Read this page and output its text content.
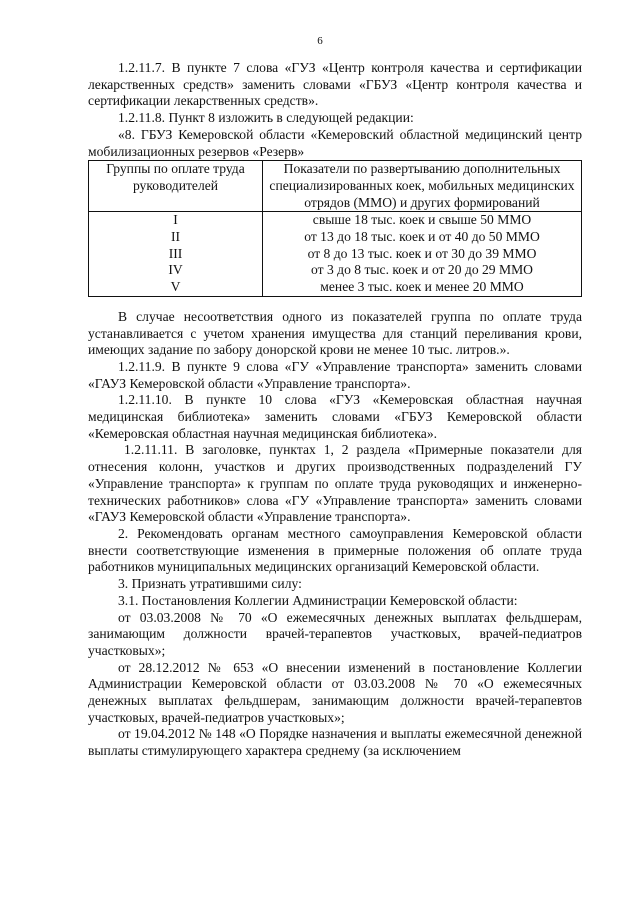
6

1.2.11.7. В пункте 7 слова «ГУЗ «Центр контроля качества и сертификации лекарственных средств» заменить словами «ГБУЗ «Центр контроля качества и сертификации лекарственных средств».

1.2.11.8. Пункт 8 изложить в следующей редакции:

«8. ГБУЗ Кемеровской области «Кемеровский областной медицинский центр мобилизационных резервов «Резерв»

Группы по оплате труда руководителей	Показатели по развертыванию дополнительных специализированных коек, мобильных медицинских отрядов (ММО) и других формирований
I	свыше 18 тыс. коек и свыше 50 ММО
II	от 13 до 18 тыс. коек и от 40 до 50 ММО
III	от 8 до 13 тыс. коек и от 30 до 39 ММО
IV	от 3 до 8 тыс. коек и от 20 до 29 ММО
V	менее 3 тыс. коек и менее 20 ММО

В случае несоответствия одного из показателей группа по оплате труда устанавливается с учетом хранения имущества для станций переливания крови, имеющих задание по забору донорской крови не менее 10 тыс. литров.».

1.2.11.9. В пункте 9 слова «ГУ «Управление транспорта» заменить словами «ГАУЗ Кемеровской области «Управление транспорта».

1.2.11.10. В пункте 10 слова «ГУЗ «Кемеровская областная научная медицинская библиотека» заменить словами «ГБУЗ Кемеровской области «Кемеровская областная научная медицинская библиотека».

1.2.11.11. В заголовке, пунктах 1, 2 раздела «Примерные показатели для отнесения колонн, участков и других производственных подразделений ГУ «Управление транспорта» к группам по оплате труда руководящих и инженерно-технических работников» слова «ГУ «Управление транспорта» заменить словами «ГАУЗ Кемеровской области «Управление транспорта».

2. Рекомендовать органам местного самоуправления Кемеровской области внести соответствующие изменения в примерные положения об оплате труда работников муниципальных медицинских организаций Кемеровской области.

3. Признать утратившими силу:

3.1. Постановления Коллегии Администрации Кемеровской области:

от 03.03.2008 № 70 «О ежемесячных денежных выплатах фельдшерам, занимающим должности врачей-терапевтов участковых, врачей-педиатров участковых»;

от 28.12.2012 № 653 «О внесении изменений в постановление Коллегии Администрации Кемеровской области от 03.03.2008 № 70 «О ежемесячных денежных выплатах фельдшерам, занимающим должности врачей-терапевтов участковых, врачей-педиатров участковых»;

от 19.04.2012 № 148 «О Порядке назначения и выплаты ежемесячной денежной выплаты стимулирующего характера среднему (за исключением
